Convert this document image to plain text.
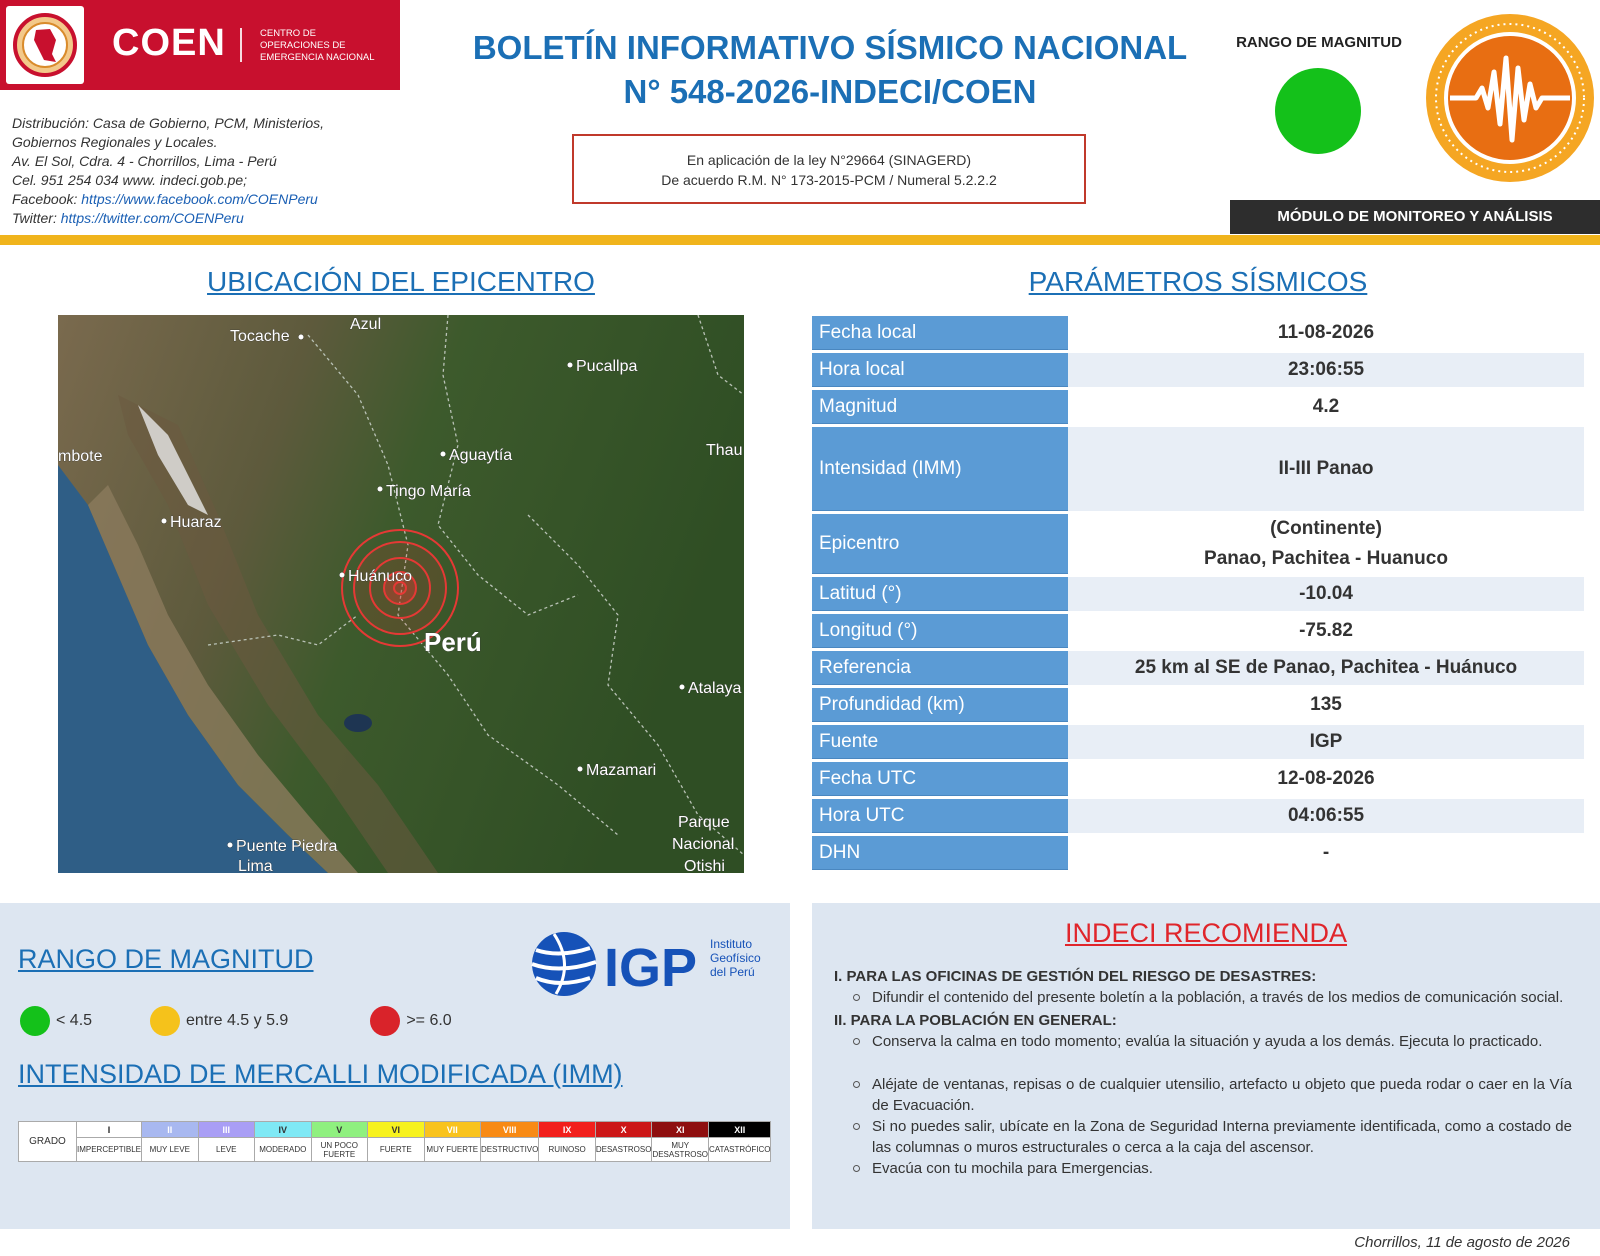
COEN	CENTRO DE
OPERACIONES DE
EMERGENCIA NACIONAL
Distribución: Casa de Gobierno, PCM, Ministerios,
Gobiernos Regionales y Locales.
Av. El Sol, Cdra. 4 - Chorrillos, Lima - Perú
Cel. 951 254 034 www. indeci.gob.pe;
Facebook: https://www.facebook.com/COENPeru
Twitter: https://twitter.com/COENPeru
BOLETÍN INFORMATIVO SÍSMICO NACIONAL
N° 548-2026-INDECI/COEN
En aplicación de la ley N°29664 (SINAGERD)
De acuerdo R.M. N° 173-2015-PCM / Numeral 5.2.2.2
RANGO DE MAGNITUD
MÓDULO DE MONITOREO Y ANÁLISIS
UBICACIÓN DEL EPICENTRO	PARÁMETROS SÍSMICOS
Azul
Tocache
Pucallpa
mbote	Aguaytía	Thau
Tingo María
Huaraz
Huánuco
Perú
Atalaya
Mazamari
Parque
Nacional
Puente Piedra
Lima	Otishi
Fecha local	11-08-2026
Hora local	23:06:55
Magnitud	4.2
Intensidad (IMM)	II-III Panao
Epicentro	(Continente)
Panao, Pachitea - Huanuco

Latitud (°)	-10.04
Longitud (°)	-75.82
Referencia	25 km al SE de Panao, Pachitea - Huánuco
Profundidad (km)	135
Fuente	IGP
Fecha UTC	12-08-2026
Hora UTC	04:06:55
DHN	-
RANGO DE MAGNITUD
< 4.5	entre 4.5 y 5.9	>= 6.0
IGP Instituto
Geofísico
del Perú
INTENSIDAD DE MERCALLI MODIFICADA (IMM)
GRADO	I	II	III	IV	V	VI	VII	VIII	IX	X	XI	XII
	IMPERCEPTIBLE	MUY LEVE	LEVE	MODERADO	UN POCO FUERTE	FUERTE	MUY FUERTE	DESTRUCTIVO	RUINOSO	DESASTROSO	MUY DESASTROSO	CATASTRÓFICO
INDECI RECOMIENDA
I. PARA LAS OFICINAS DE GESTIÓN DEL RIESGO DE DESASTRES:
Difundir el contenido del presente boletín a la población, a través de los medios de comunicación social.
II. PARA LA POBLACIÓN EN GENERAL:
Conserva la calma en todo momento; evalúa la situación y ayuda a los demás. Ejecuta lo practicado.
Aléjate de ventanas, repisas o de cualquier utensilio, artefacto u objeto que pueda rodar o caer en la Vía de Evacuación.
Si no puedes salir, ubícate en la Zona de Seguridad Interna previamente identificada, como a costado de las columnas o muros estructurales o cerca a la caja del ascensor.
Evacúa con tu mochila para Emergencias.
Chorrillos, 11 de agosto de 2026
